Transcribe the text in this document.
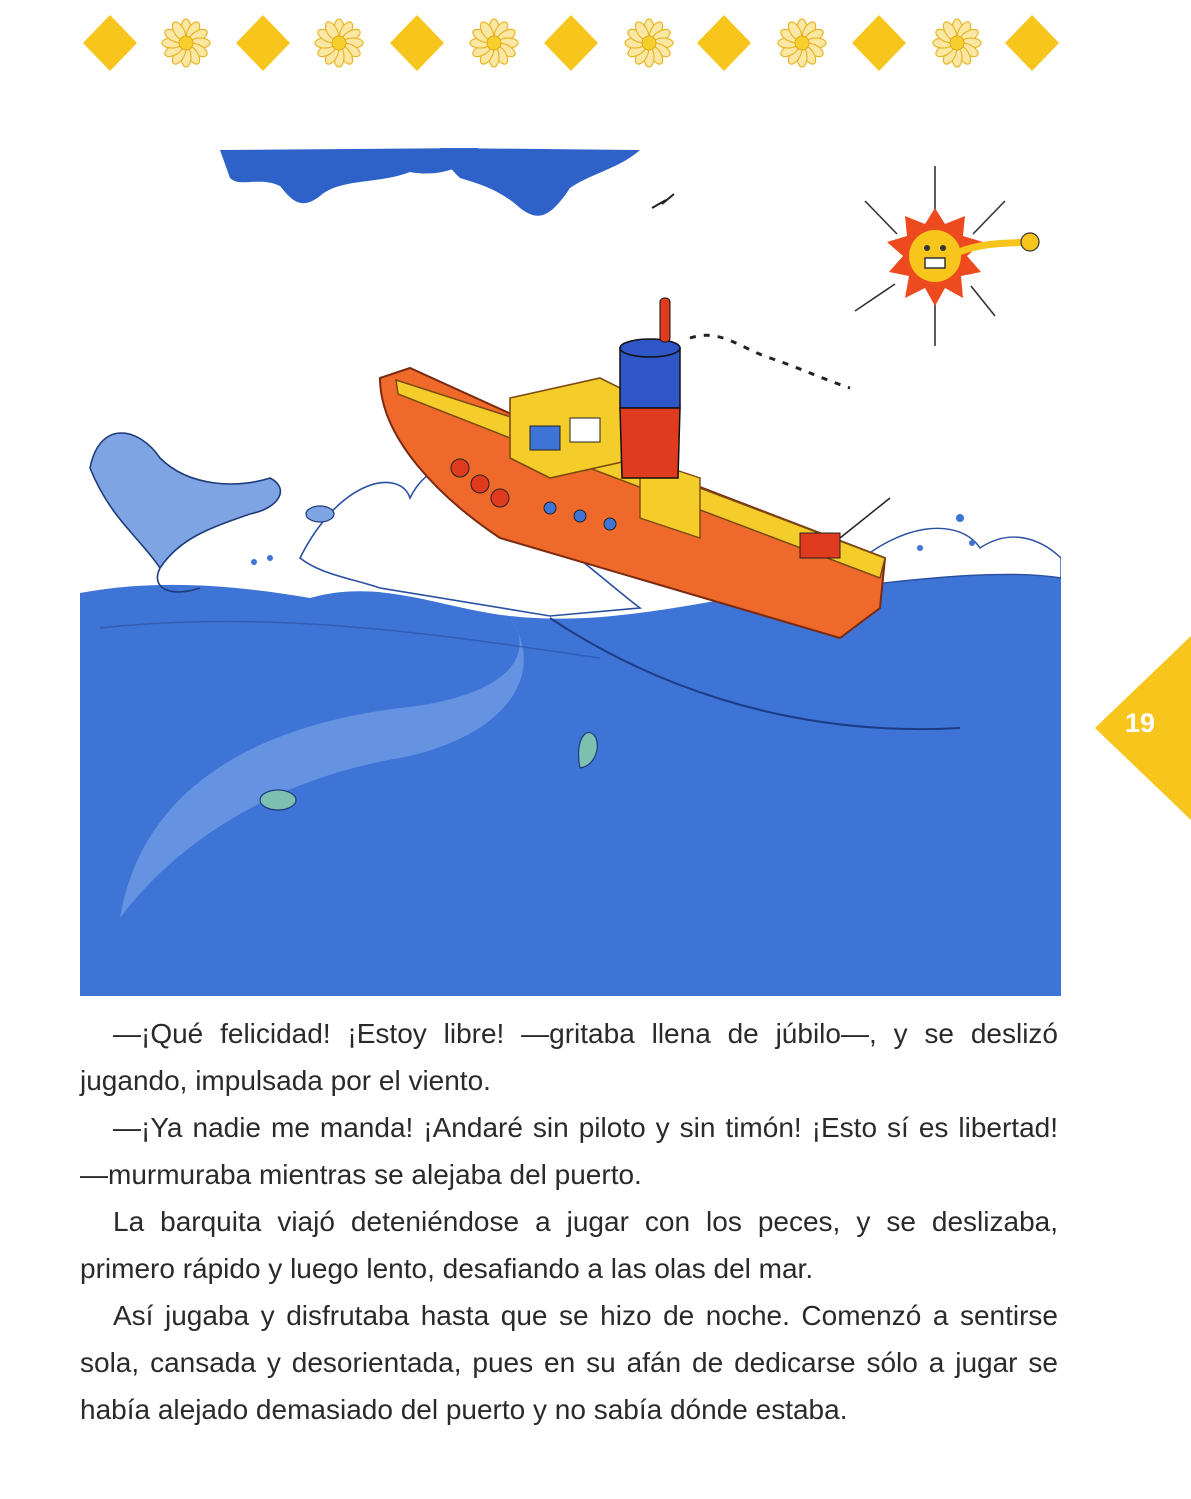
19

—¡Qué felicidad! ¡Estoy libre! —gritaba llena de júbilo—, y se deslizó jugando, impulsada por el viento.

—¡Ya nadie me manda! ¡Andaré sin piloto y sin timón! ¡Esto sí es libertad! —murmuraba mientras se alejaba del puerto.

La barquita viajó deteniéndose a jugar con los peces, y se deslizaba, primero rápido y luego lento, desafiando a las olas del mar.

Así jugaba y disfrutaba hasta que se hizo de noche. Comenzó a sentirse sola, cansada y desorientada, pues en su afán de dedicarse sólo a jugar se había alejado demasiado del puerto y no sabía dónde estaba.
